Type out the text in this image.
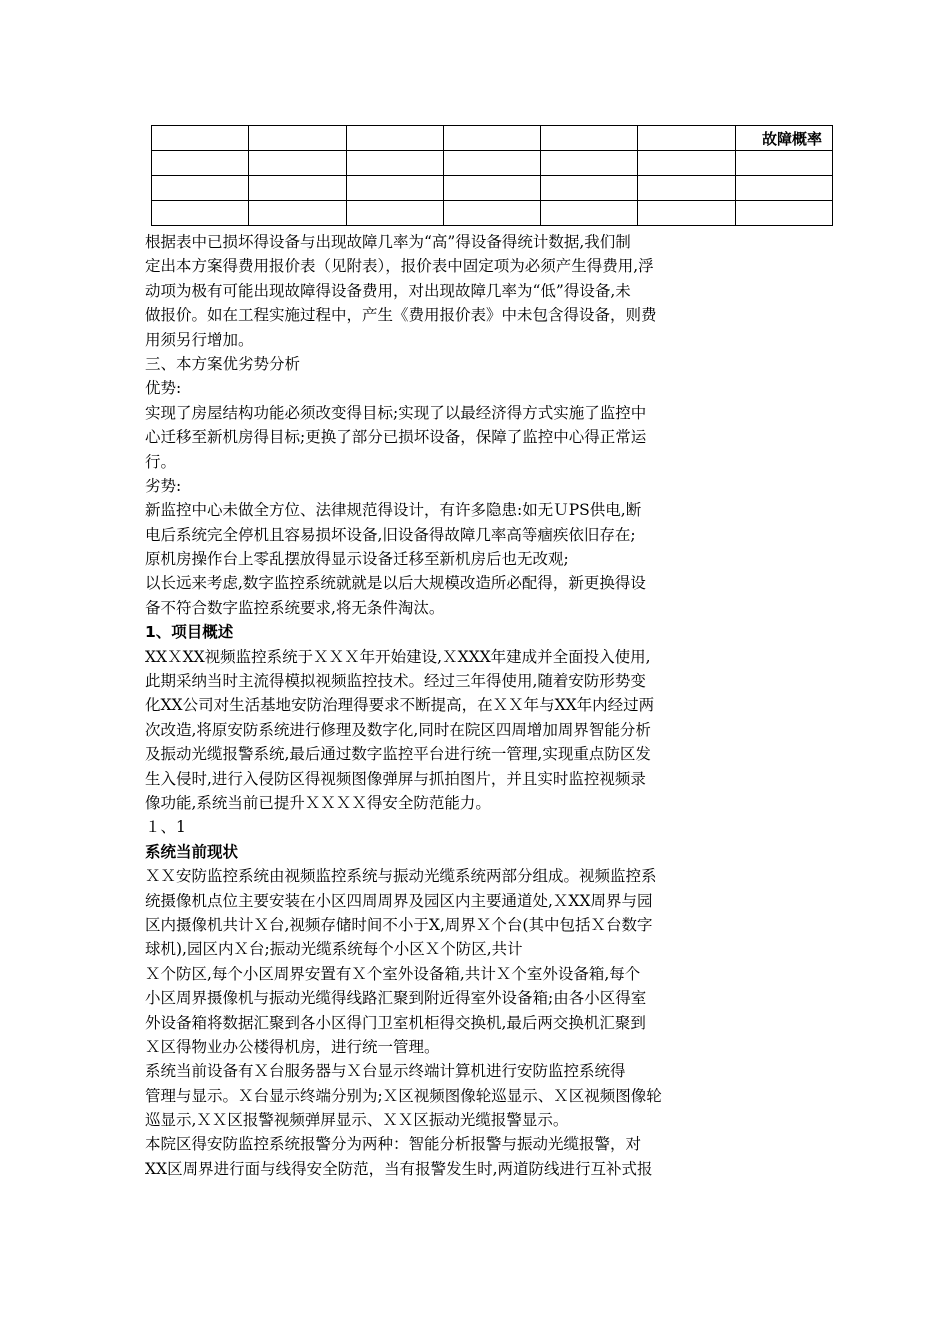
						故障概率

根据表中已损坏得设备与出现故障几率为“高”得设备得统计数据,我们制
定出本方案得费用报价表（见附表），报价表中固定项为必须产生得费用,浮
动项为极有可能出现故障得设备费用，对出现故障几率为“低”得设备,未
做报价。如在工程实施过程中，产生《费用报价表》中未包含得设备，则费
用须另行增加。
三、本方案优劣势分析
优势:
实现了房屋结构功能必须改变得目标;实现了以最经济得方式实施了监控中
心迁移至新机房得目标;更换了部分已损坏设备，保障了监控中心得正常运
行。
劣势:
新监控中心未做全方位、法律规范得设计，有许多隐患:如无ＵPS供电,断
电后系统完全停机且容易损坏设备,旧设备得故障几率高等痼疾依旧存在;
原机房操作台上零乱摆放得显示设备迁移至新机房后也无改观;
以长远来考虑,数字监控系统就就是以后大规模改造所必配得，新更换得设
备不符合数字监控系统要求,将无条件淘汰。
1、项目概述
XXＸXX视频监控系统于ＸＸＸ年开始建设,ＸXXX年建成并全面投入使用,
此期采纳当时主流得模拟视频监控技术。经过三年得使用,随着安防形势变
化XX公司对生活基地安防治理得要求不断提高，在ＸＸ年与XX年内经过两
次改造,将原安防系统进行修理及数字化,同时在院区四周增加周界智能分析
及振动光缆报警系统,最后通过数字监控平台进行统一管理,实现重点防区发
生入侵时,进行入侵防区得视频图像弹屏与抓拍图片，并且实时监控视频录
像功能,系统当前已提升ＸＸＸＸ得安全防范能力。
１、1
系统当前现状
ＸＸ安防监控系统由视频监控系统与振动光缆系统两部分组成。视频监控系
统摄像机点位主要安装在小区四周周界及园区内主要通道处,ＸXX周界与园
区内摄像机共计Ｘ台,视频存储时间不小于X,周界Ｘ个台(其中包括Ｘ台数字
球机),园区内Ｘ台;振动光缆系统每个小区Ｘ个防区,共计
Ｘ个防区,每个小区周界安置有Ｘ个室外设备箱,共计Ｘ个室外设备箱,每个
小区周界摄像机与振动光缆得线路汇聚到附近得室外设备箱;由各小区得室
外设备箱将数据汇聚到各小区得门卫室机柜得交换机,最后两交换机汇聚到
Ｘ区得物业办公楼得机房，进行统一管理。
系统当前设备有Ｘ台服务器与Ｘ台显示终端计算机进行安防监控系统得
管理与显示。Ｘ台显示终端分别为;Ｘ区视频图像轮巡显示、Ｘ区视频图像轮
巡显示,ＸＸ区报警视频弹屏显示、ＸＸ区振动光缆报警显示。
本院区得安防监控系统报警分为两种：智能分析报警与振动光缆报警，对
XX区周界进行面与线得安全防范，当有报警发生时,两道防线进行互补式报
